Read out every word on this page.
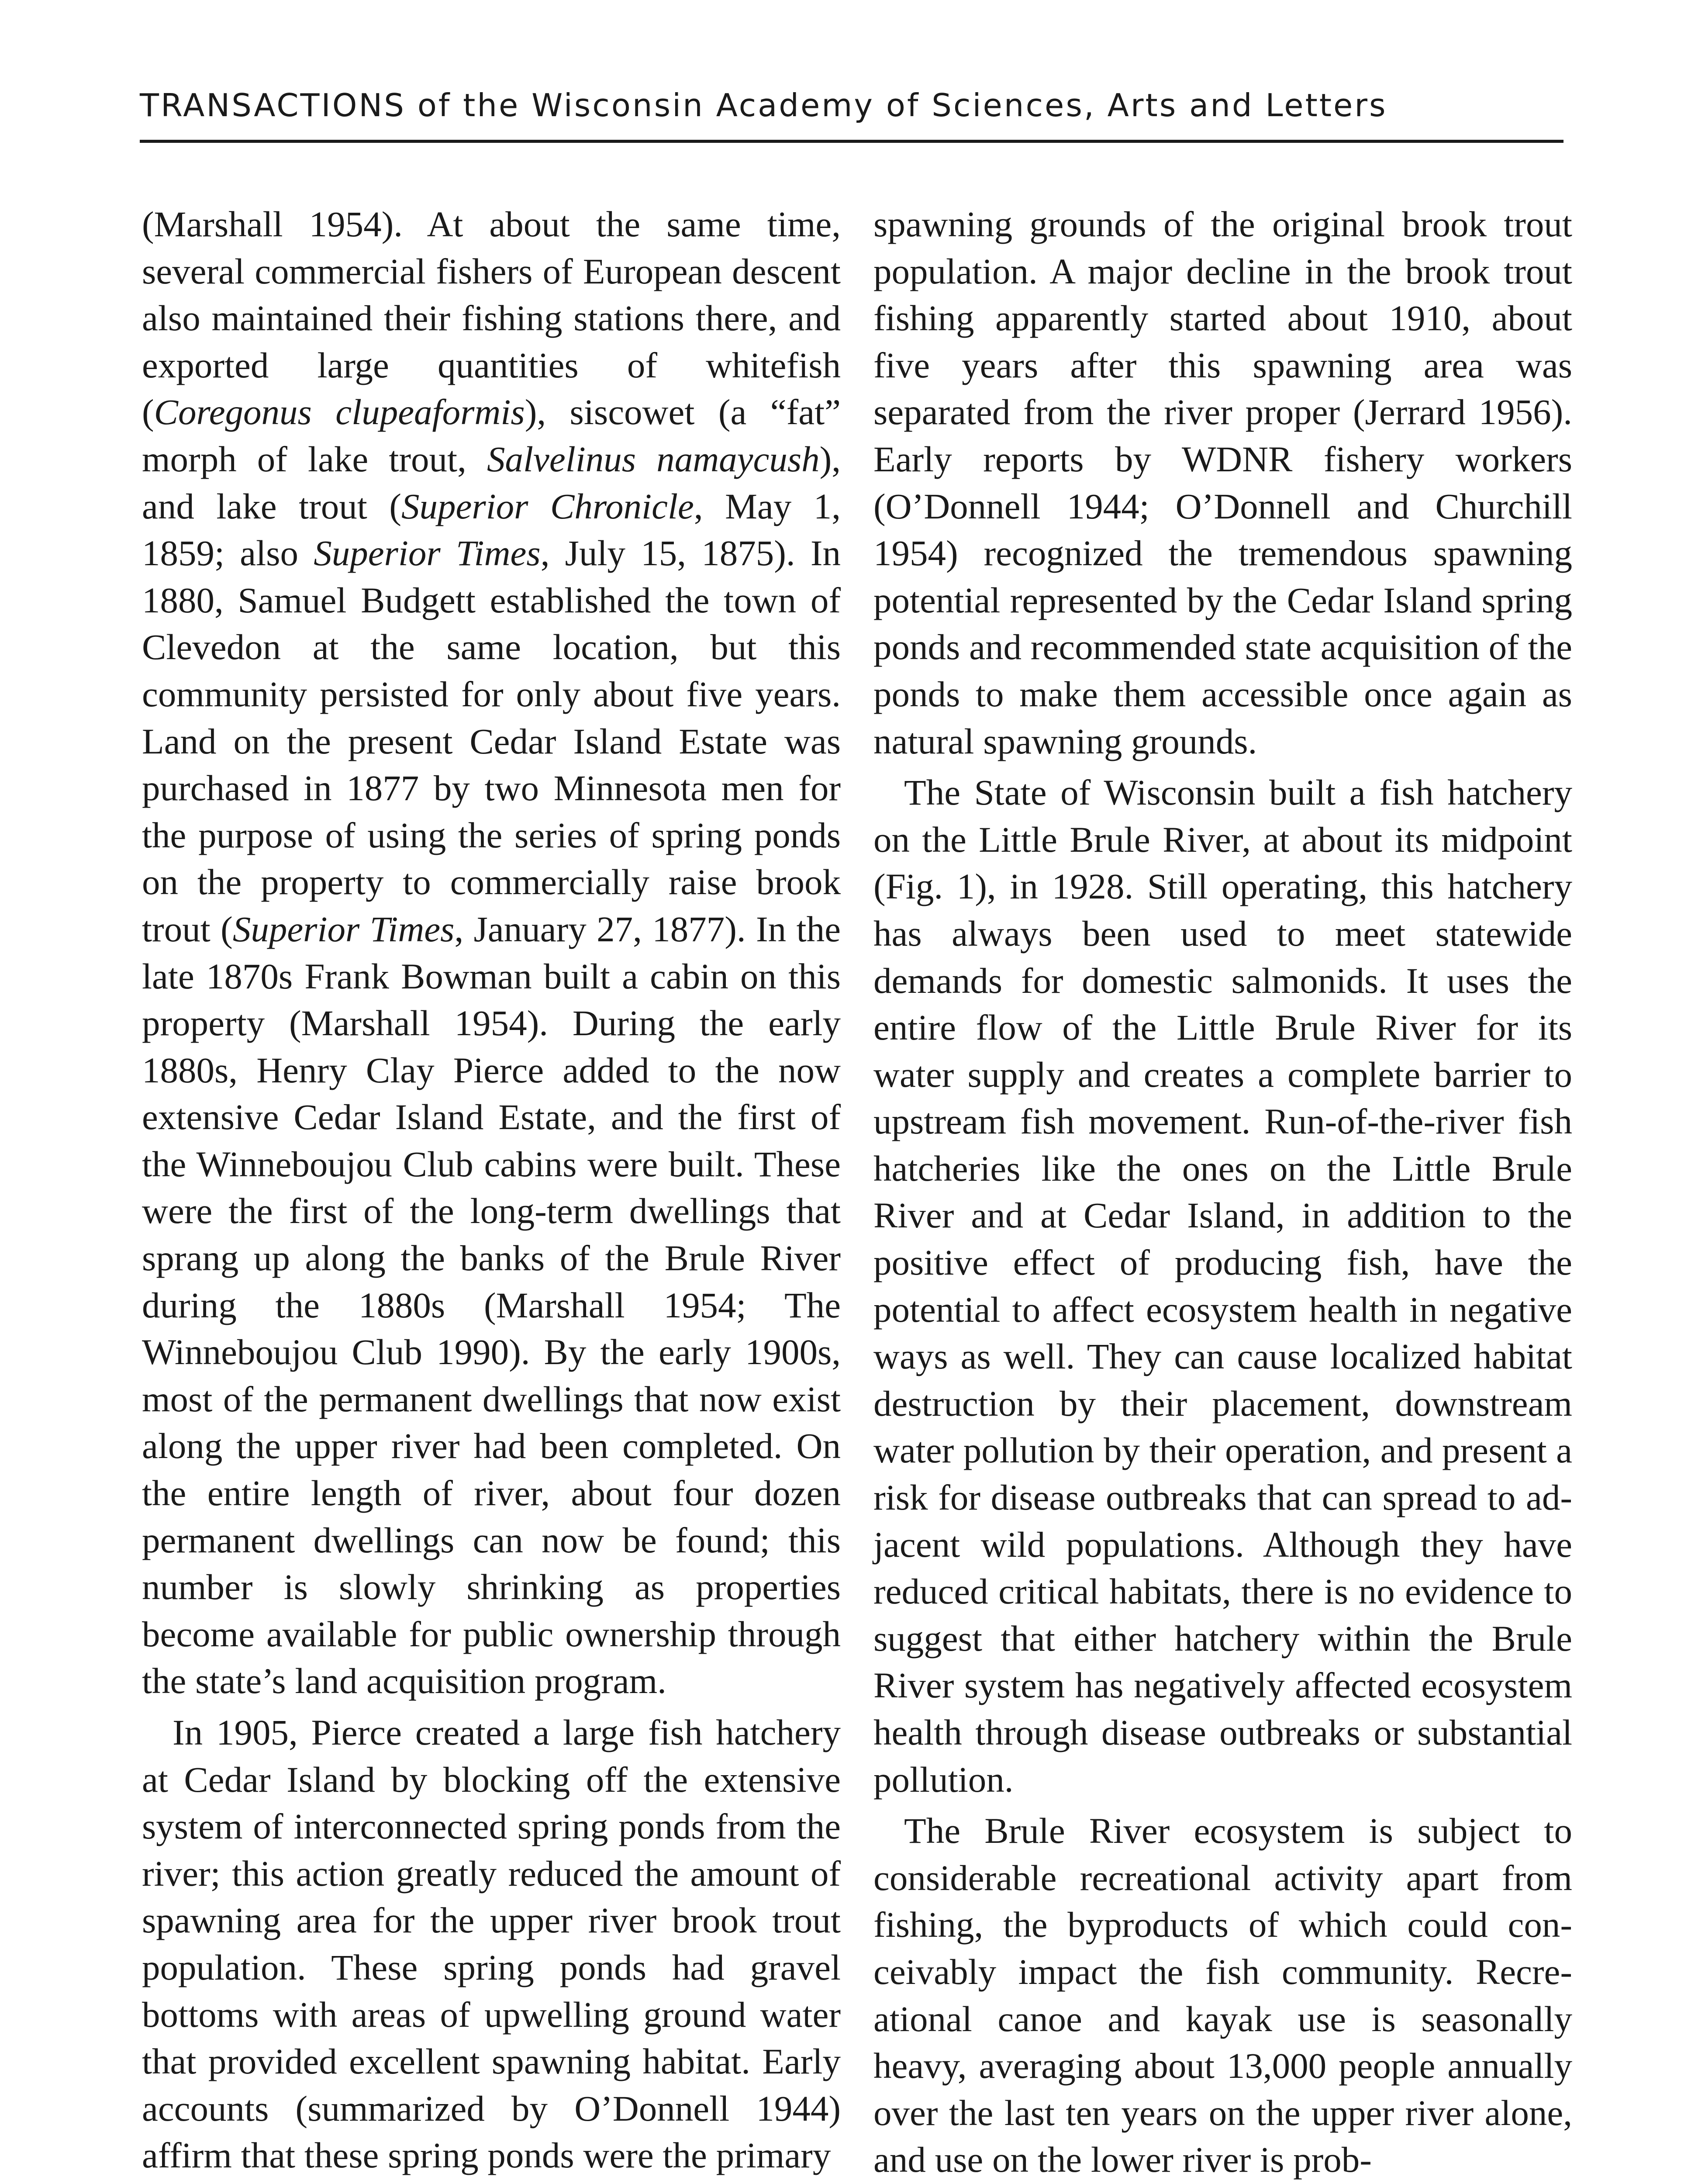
TRANSACTIONS of the Wisconsin Academy of Sciences, Arts and Letters

(Marshall 1954). At about the same time, several commercial fishers of European descent also maintained their fishing stations there, and exported large quantities of whitefish (Coregonus clupeaformis), siscowet (a “fat” morph of lake trout, Salvelinus namaycush), and lake trout (Superior Chronicle, May 1, 1859; also Superior Times, July 15, 1875). In 1880, Samuel Budgett established the town of Clevedon at the same location, but this community persisted for only about five years. Land on the present Cedar Island Estate was purchased in 1877 by two Minnesota men for the purpose of using the series of spring ponds on the property to commercially raise brook trout (Superior Times, January 27, 1877). In the late 1870s Frank Bowman built a cabin on this property (Marshall 1954). During the early 1880s, Henry Clay Pierce added to the now extensive Cedar Island Estate, and the first of the Winneboujou Club cabins were built. These were the first of the long-term dwellings that sprang up along the banks of the Brule River during the 1880s (Marshall 1954; The Winneboujou Club 1990). By the early 1900s, most of the permanent dwellings that now exist along the upper river had been completed. On the entire length of river, about four dozen permanent dwellings can now be found; this number is slowly shrinking as properties become available for public ownership through the state’s land acquisition program.

In 1905, Pierce created a large fish hatchery at Cedar Island by blocking off the extensive system of interconnected spring ponds from the river; this action greatly reduced the amount of spawning area for the upper river brook trout population. These spring ponds had gravel bottoms with areas of upwelling ground water that provided excellent spawning habitat. Early accounts (summarized by O’Donnell 1944) affirm that these spring ponds were the primary

spawning grounds of the original brook trout population. A major decline in the brook trout fishing apparently started about 1910, about five years after this spawning area was separated from the river proper (Jerrard 1956). Early reports by WDNR fishery workers (O’Donnell 1944; O’Donnell and Churchill 1954) recognized the tremendous spawning potential represented by the Cedar Island spring ponds and recommended state acquisition of the ponds to make them accessible once again as natural spawning grounds.

The State of Wisconsin built a fish hatchery on the Little Brule River, at about its midpoint (Fig. 1), in 1928. Still operating, this hatchery has always been used to meet statewide demands for domestic salmonids. It uses the entire flow of the Little Brule River for its water supply and creates a complete barrier to upstream fish movement. Run-of-the-river fish hatcheries like the ones on the Little Brule River and at Cedar Island, in addition to the positive effect of producing fish, have the potential to affect ecosystem health in negative ways as well. They can cause localized habitat destruction by their placement, downstream water pollution by their operation, and present a risk for disease outbreaks that can spread to adjacent wild populations. Although they have reduced critical habitats, there is no evidence to suggest that either hatchery within the Brule River system has negatively affected ecosystem health through disease outbreaks or substantial pollution.

The Brule River ecosystem is subject to considerable recreational activity apart from fishing, the byproducts of which could conceivably impact the fish community. Recreational canoe and kayak use is seasonally heavy, averaging about 13,000 people annually over the last ten years on the upper river alone, and use on the lower river is prob-
